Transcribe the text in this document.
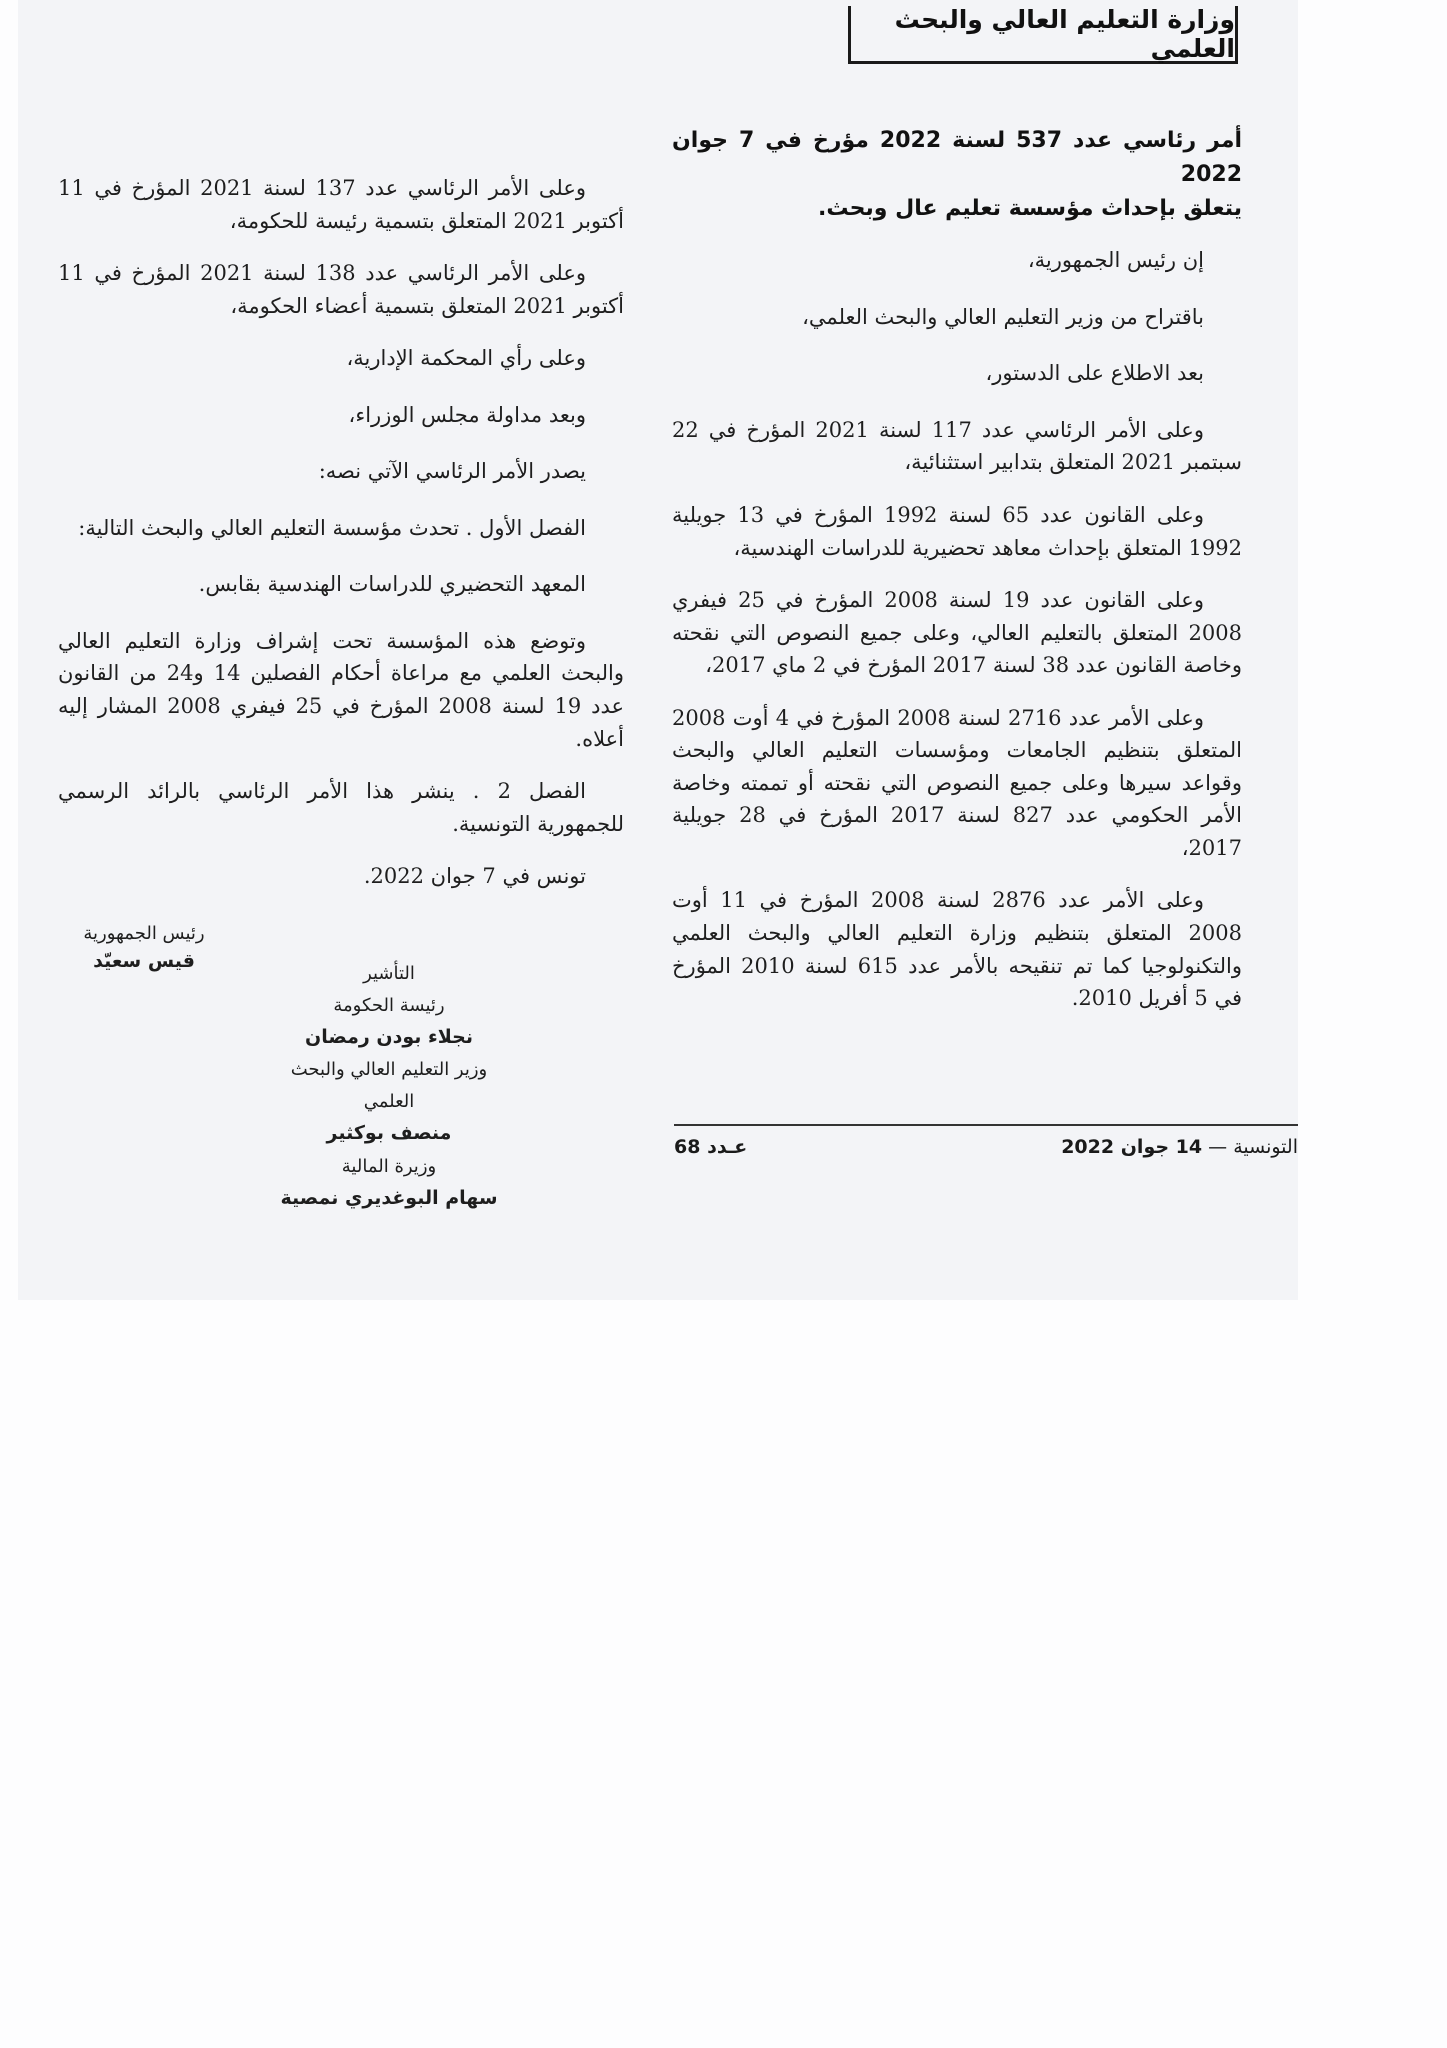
وزارة التعليم العالي والبحث العلمي
أمر رئاسي عدد 537 لسنة 2022 مؤرخ في 7 جوان 2022
يتعلق بإحداث مؤسسة تعليم عال وبحث.

إن رئيس الجمهورية،

باقتراح من وزير التعليم العالي والبحث العلمي،

بعد الاطلاع على الدستور،

وعلى الأمر الرئاسي عدد 117 لسنة 2021 المؤرخ في 22 سبتمبر 2021 المتعلق بتدابير استثنائية،

وعلى القانون عدد 65 لسنة 1992 المؤرخ في 13 جويلية 1992 المتعلق بإحداث معاهد تحضيرية للدراسات الهندسية،

وعلى القانون عدد 19 لسنة 2008 المؤرخ في 25 فيفري 2008 المتعلق بالتعليم العالي، وعلى جميع النصوص التي نقحته وخاصة القانون عدد 38 لسنة 2017 المؤرخ في 2 ماي 2017،

وعلى الأمر عدد 2716 لسنة 2008 المؤرخ في 4 أوت 2008 المتعلق بتنظيم الجامعات ومؤسسات التعليم العالي والبحث وقواعد سيرها وعلى جميع النصوص التي نقحته أو تممته وخاصة الأمر الحكومي عدد 827 لسنة 2017 المؤرخ في 28 جويلية 2017،

وعلى الأمر عدد 2876 لسنة 2008 المؤرخ في 11 أوت 2008 المتعلق بتنظيم وزارة التعليم العالي والبحث العلمي والتكنولوجيا كما تم تنقيحه بالأمر عدد 615 لسنة 2010 المؤرخ في 5 أفريل 2010.

وعلى الأمر الرئاسي عدد 137 لسنة 2021 المؤرخ في 11 أكتوبر 2021 المتعلق بتسمية رئيسة للحكومة،

وعلى الأمر الرئاسي عدد 138 لسنة 2021 المؤرخ في 11 أكتوبر 2021 المتعلق بتسمية أعضاء الحكومة،

وعلى رأي المحكمة الإدارية،

وبعد مداولة مجلس الوزراء،

يصدر الأمر الرئاسي الآتي نصه:

الفصل الأول . تحدث مؤسسة التعليم العالي والبحث التالية:

المعهد التحضيري للدراسات الهندسية بقابس.

وتوضع هذه المؤسسة تحت إشراف وزارة التعليم العالي والبحث العلمي مع مراعاة أحكام الفصلين 14 و24 من القانون عدد 19 لسنة 2008 المؤرخ في 25 فيفري 2008 المشار إليه أعلاه.

الفصل 2 . ينشر هذا الأمر الرئاسي بالرائد الرسمي للجمهورية التونسية.

تونس في 7 جوان 2022.

رئيس الجمهورية
قيس سعيّد
التأشير
رئيسة الحكومة
نجلاء بودن رمضان
وزير التعليم العالي والبحث العلمي
منصف بوكثير
وزيرة المالية
سهام البوغديري نمصية
التونسية — 14 جوان 2022
عـدد 68
